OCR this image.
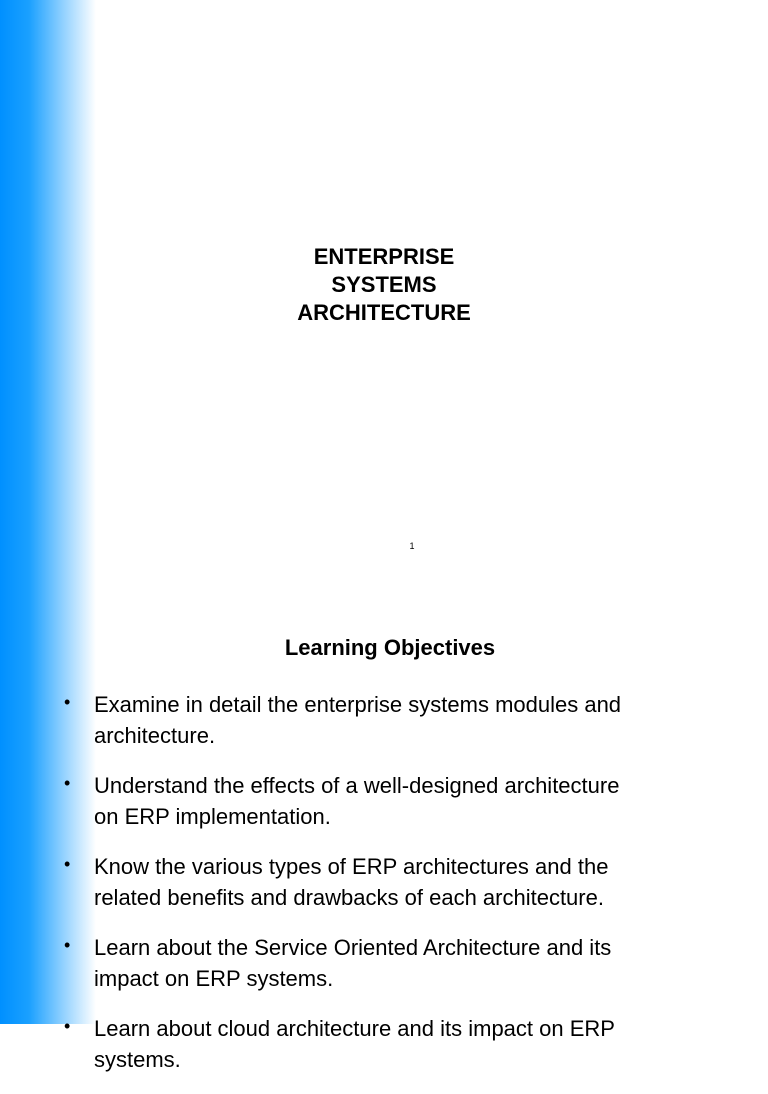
ENTERPRISE
SYSTEMS
ARCHITECTURE
1
Learning Objectives
• Examine in detail the enterprise systems modules and
architecture.
• Understand the effects of a well-designed architecture
on ERP implementation.
• Know the various types of ERP architectures and the
related benefits and drawbacks of each architecture.
• Learn about the Service Oriented Architecture and its
impact on ERP systems.
• Learn about cloud architecture and its impact on ERP
systems.
